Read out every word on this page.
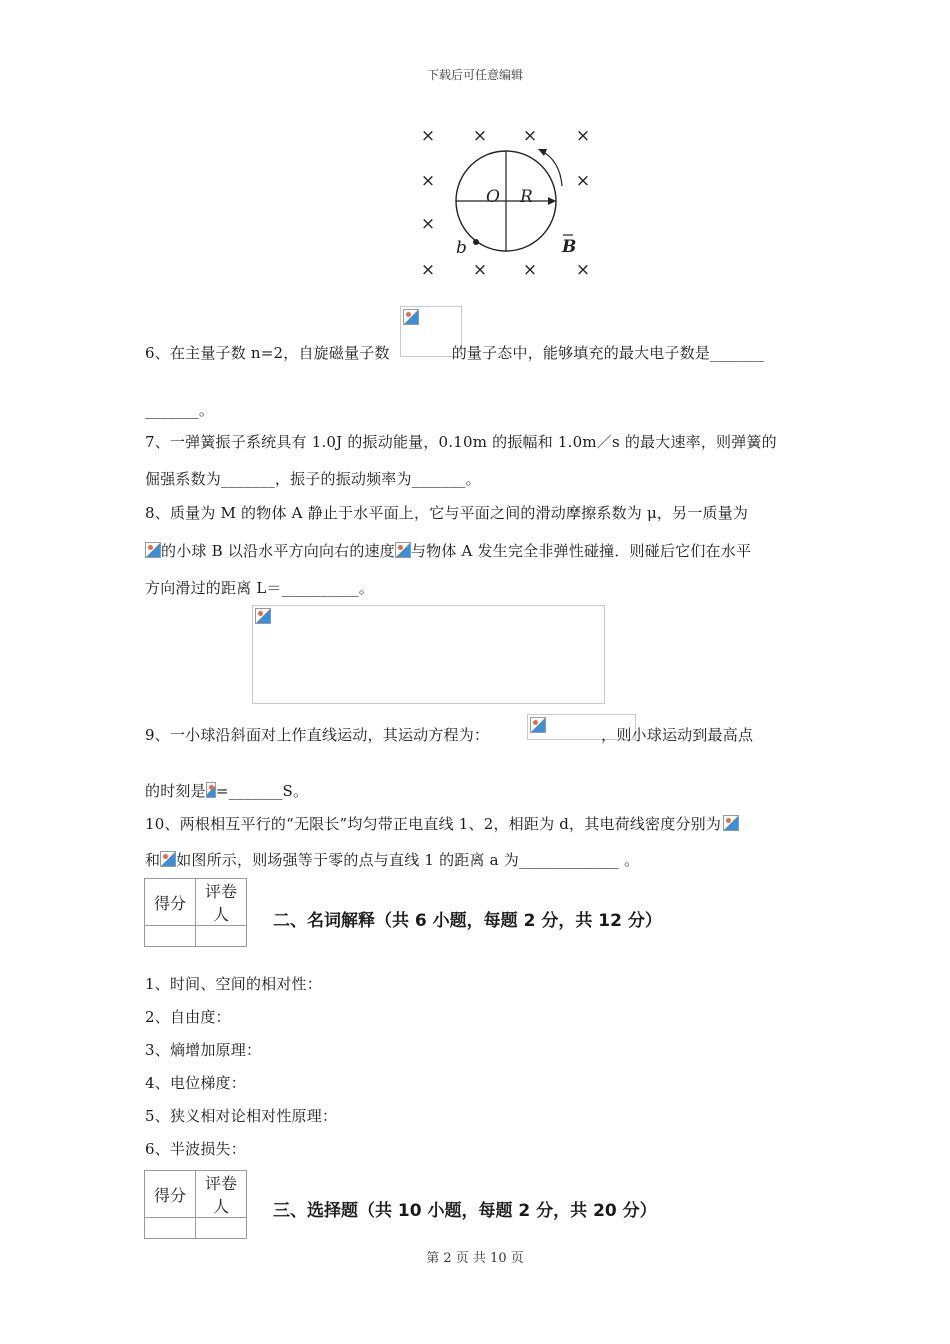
下载后可任意编辑
× × × ×
×	×
×
× × × ×
O R
b	B
6、在主量子数 n=2，自旋磁量子数	的量子态中，能够填充的最大电子数是_______
_______。
7、一弹簧振子系统具有 1.0J 的振动能量，0.10m 的振幅和 1.0m／s 的最大速率，则弹簧的
倔强系数为_______，振子的振动频率为_______。
8、质量为 M 的物体 A 静止于水平面上，它与平面之间的滑动摩擦系数为 μ，另一质量为
的小球 B 以沿水平方向向右的速度 与物体 A 发生完全非弹性碰撞．则碰后它们在水平
方向滑过的距离 L＝__________。
9、一小球沿斜面对上作直线运动，其运动方程为：	，则小球运动到最高点
的时刻是 =_______S。
10、两根相互平行的“无限长”均匀带正电直线 1、2，相距为 d，其电荷线密度分别为
和 如图所示，则场强等于零的点与直线 1 的距离 a 为_____________ 。
得分	评卷人
		二、名词解释（共 6 小题，每题 2 分，共 12 分）
1、时间、空间的相对性：
2、自由度：
3、熵增加原理：
4、电位梯度：
5、狭义相对论相对性原理：
6、半波损失：
得分	评卷人
		三、选择题（共 10 小题，每题 2 分，共 20 分）
第 2 页 共 10 页
